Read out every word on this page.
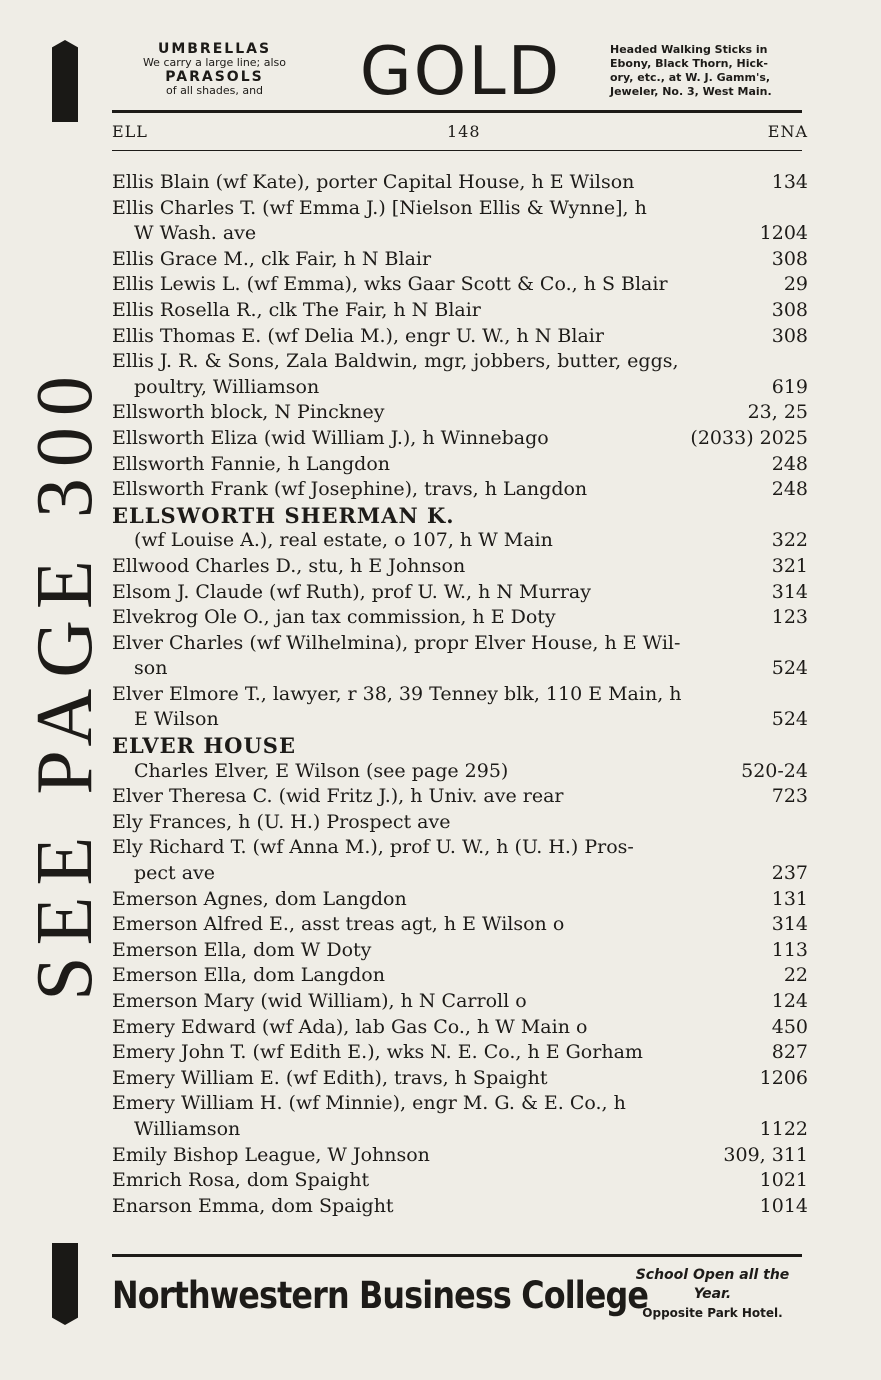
SEE PAGE 300
UMBRELLAS
We carry a large line; also
PARASOLS
of all shades, and	GOLD	Headed Walking Sticks in
Ebony, Black Thorn, Hick-
ory, etc., at W. J. Gamm's,
Jeweler, No. 3, West Main.
ELL	148	ENA
Ellis Blain (wf Kate), porter Capital House, h E Wilson	134
Ellis Charles T. (wf Emma J.) [Nielson Ellis & Wynne], h
W Wash. ave	1204
Ellis Grace M., clk Fair, h N Blair	308
Ellis Lewis L. (wf Emma), wks Gaar Scott & Co., h S Blair	29
Ellis Rosella R., clk The Fair, h N Blair	308
Ellis Thomas E. (wf Delia M.), engr U. W., h N Blair	308
Ellis J. R. & Sons, Zala Baldwin, mgr, jobbers, butter, eggs,
poultry, Williamson	619
Ellsworth block, N Pinckney	23, 25
Ellsworth Eliza (wid William J.), h Winnebago	(2033) 2025
Ellsworth Fannie, h Langdon	248
Ellsworth Frank (wf Josephine), travs, h Langdon	248
ELLSWORTH SHERMAN K.
(wf Louise A.), real estate, o 107, h W Main	322
Ellwood Charles D., stu, h E Johnson	321
Elsom J. Claude (wf Ruth), prof U. W., h N Murray	314
Elvekrog Ole O., jan tax commission, h E Doty	123
Elver Charles (wf Wilhelmina), propr Elver House, h E Wil-
son	524
Elver Elmore T., lawyer, r 38, 39 Tenney blk, 110 E Main, h
E Wilson	524
ELVER HOUSE
Charles Elver, E Wilson (see page 295)	520-24
Elver Theresa C. (wid Fritz J.), h Univ. ave rear	723
Ely Frances, h (U. H.) Prospect ave
Ely Richard T. (wf Anna M.), prof U. W., h (U. H.) Pros-
pect ave	237
Emerson Agnes, dom Langdon	131
Emerson Alfred E., asst treas agt, h E Wilson o	314
Emerson Ella, dom W Doty	113
Emerson Ella, dom Langdon	22
Emerson Mary (wid William), h N Carroll o	124
Emery Edward (wf Ada), lab Gas Co., h W Main o	450
Emery John T. (wf Edith E.), wks N. E. Co., h E Gorham	827
Emery William E. (wf Edith), travs, h Spaight	1206
Emery William H. (wf Minnie), engr M. G. & E. Co., h
Williamson	1122
Emily Bishop League, W Johnson	309, 311
Emrich Rosa, dom Spaight	1021
Enarson Emma, dom Spaight	1014
Northwestern Business College
School Open all the Year.
Opposite Park Hotel.
